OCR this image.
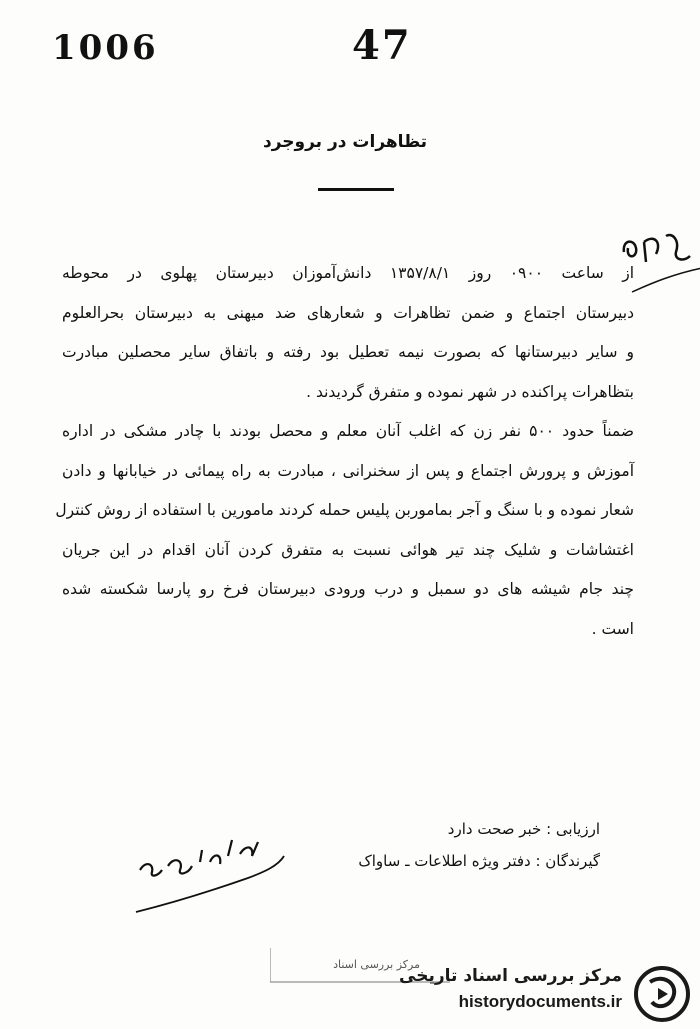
1006	47
تظاهرات در بروجرد

از ساعت ۰۹۰۰ روز ۱۳۵۷/۸/۱ دانش‌آموزان دبیرستان پهلوی در محوطه
دبیرستان اجتماع و ضمن تظاهرات و شعارهای ضد میهنی به دبیرستان بحرالعلوم
و سایر دبیرستانها که بصورت نیمه تعطیل بود رفته و باتفاق سایر محصلین مبادرت
بتظاهرات پراکنده در شهر نموده و متفرق گردیدند .

ضمناً حدود ۵۰۰ نفر زن که اغلب آنان معلم و محصل بودند با چادر مشکی در اداره
آموزش و پرورش اجتماع و پس از سخنرانی ، مبادرت به راه پیمائی در خیابانها و دادن
شعار نموده و با سنگ و آجر بماموربن پلیس حمله کردند مامورین با استفاده از روش کنترل
اغتشاشات و شلیک چند تیر هوائی نسبت به متفرق کردن آنان اقدام در این جریان
چند جام شیشه های دو سمبل و درب ورودی دبیرستان فرخ رو پارسا شکسته شده
است .

ارزیابی : خبر صحت دارد
گیرندگان : دفتر ویژه اطلاعات ـ ساواک
مرکز بررسی اسناد
مرکز بررسی اسناد تاریخی
historydocuments.ir
